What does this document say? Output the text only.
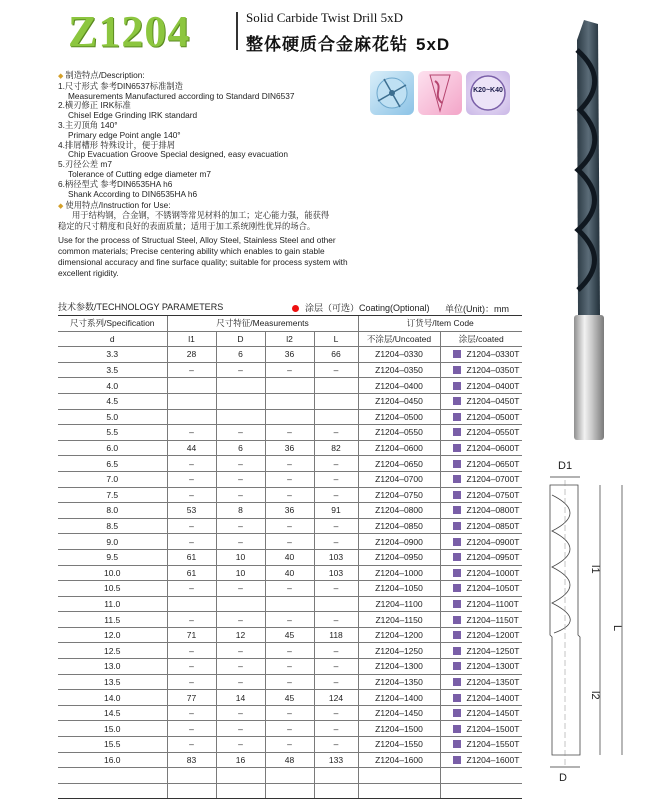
Z1204	Solid Carbide Twist Drill 5xD
整体硬质合金麻花钻 5xD
◆ 制造特点/Description:
1.尺寸形式 参考DIN6537标准制造
Measurements Manufactured according to Standard DIN6537
2.横刃修正 IRK标准
Chisel Edge Grinding IRK standard
3.主刃顶角 140°
Primary edge Point angle 140°
4.排屑槽形 特殊设计，便于排屑
Chip Evacuation Groove Special designed, easy evacuation
5.刃径公差 m7
Tolerance of Cutting edge diameter m7
6.柄径型式 参考DIN6535HA h6
Shank According to DIN6535HA h6
◆ 使用特点/Instruction for Use:
用于结构钢，合金钢，不锈钢等常见材料的加工；定心能力强，能获得
稳定的尺寸精度和良好的表面质量；适用于加工系统刚性优异的场合。
Use for the process of Structual Steel, Alloy Steel, Stainless Steel and other common materials; Precise centering ability which enables to gain stable dimensional accuracy and fine surface quality; suitable for process system with excellent rigidity.
K20~K40
技术参数/TECHNOLOGY PARAMETERS	涂层（可选）Coating(Optional) 单位(Unit)：mm
尺寸系列/Specification	尺寸特征/Measurements				订货号/Item Code	
d	l1	D	l2	L	不涂层/Uncoated	涂层/coated
3.3	28	6	36	66	Z1204–0330	Z1204–0330T
3.5	–	–	–	–	Z1204–0350	Z1204–0350T
4.0					Z1204–0400	Z1204–0400T
4.5					Z1204–0450	Z1204–0450T
5.0					Z1204–0500	Z1204–0500T
5.5	–	–	–	–	Z1204–0550	Z1204–0550T
6.0	44	6	36	82	Z1204–0600	Z1204–0600T
6.5	–	–	–	–	Z1204–0650	Z1204–0650T
7.0	–	–	–	–	Z1204–0700	Z1204–0700T
7.5	–	–	–	–	Z1204–0750	Z1204–0750T
8.0	53	8	36	91	Z1204–0800	Z1204–0800T
8.5	–	–	–	–	Z1204–0850	Z1204–0850T
9.0	–	–	–	–	Z1204–0900	Z1204–0900T
9.5	61	10	40	103	Z1204–0950	Z1204–0950T
10.0	61	10	40	103	Z1204–1000	Z1204–1000T
10.5	–	–	–	–	Z1204–1050	Z1204–1050T
11.0					Z1204–1100	Z1204–1100T
11.5	–	–	–	–	Z1204–1150	Z1204–1150T
12.0	71	12	45	118	Z1204–1200	Z1204–1200T
12.5	–	–	–	–	Z1204–1250	Z1204–1250T
13.0	–	–	–	–	Z1204–1300	Z1204–1300T
13.5	–	–	–	–	Z1204–1350	Z1204–1350T
14.0	77	14	45	124	Z1204–1400	Z1204–1400T
14.5	–	–	–	–	Z1204–1450	Z1204–1450T
15.0	–	–	–	–	Z1204–1500	Z1204–1500T
15.5	–	–	–	–	Z1204–1550	Z1204–1550T
16.0	83	16	48	133	Z1204–1600	Z1204–1600T

D1
l1
L
l2
D
